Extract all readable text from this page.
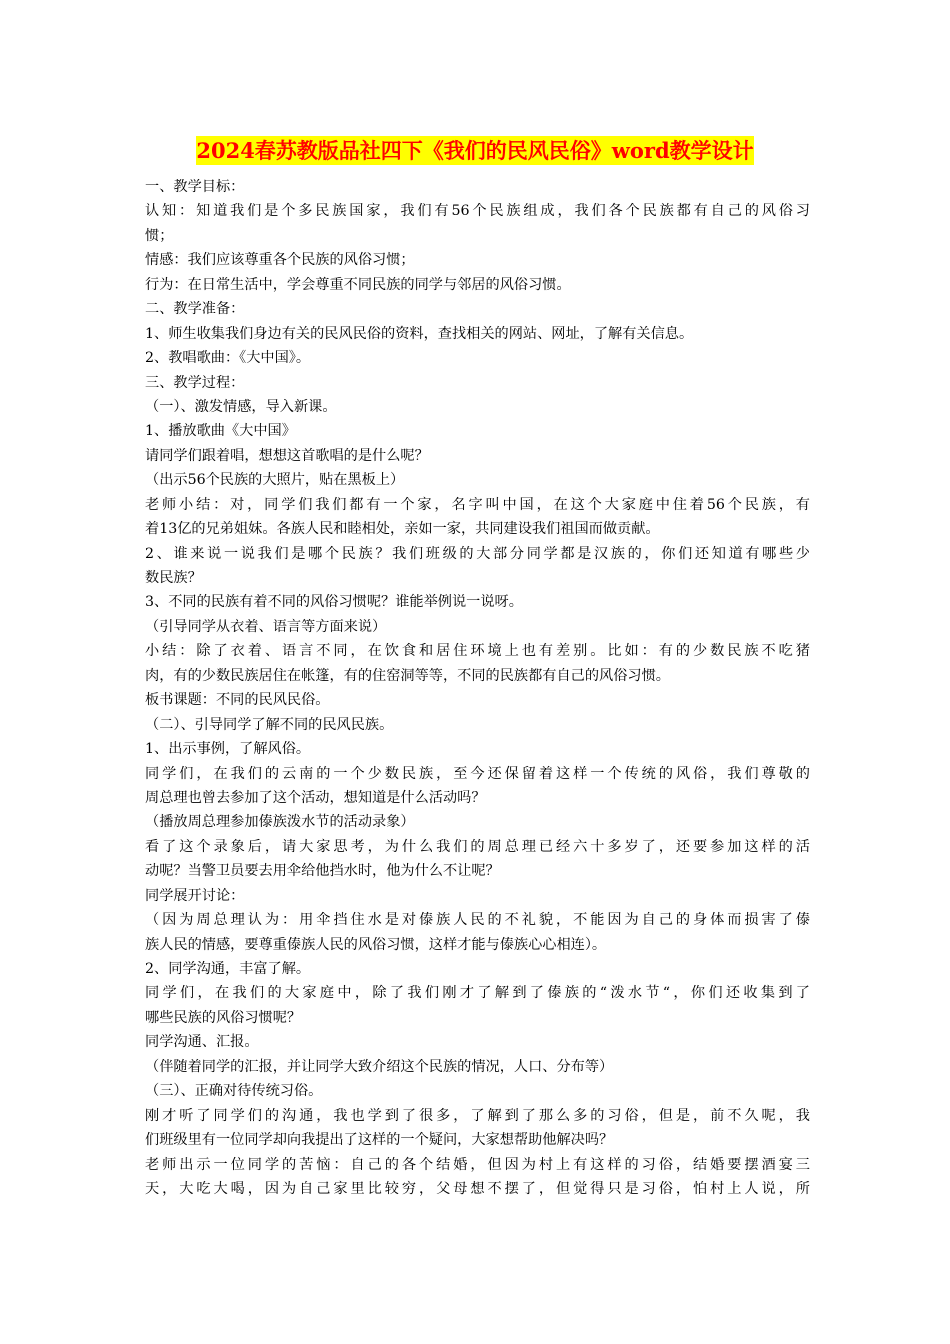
2024春苏教版品社四下《我们的民风民俗》word教学设计

一、教学目标：

认知：知道我们是个多民族国家，我们有56个民族组成，我们各个民族都有自己的风俗习

惯；

情感：我们应该尊重各个民族的风俗习惯；

行为：在日常生活中，学会尊重不同民族的同学与邻居的风俗习惯。

二、教学准备：

1、师生收集我们身边有关的民风民俗的资料，查找相关的网站、网址，了解有关信息。

2、教唱歌曲：《大中国》。

三、教学过程：

（一）、激发情感，导入新课。

1、播放歌曲《大中国》

请同学们跟着唱，想想这首歌唱的是什么呢？

（出示56个民族的大照片，贴在黑板上）

老师小结：对，同学们我们都有一个家，名字叫中国，在这个大家庭中住着56个民族，有

着13亿的兄弟姐妹。各族人民和睦相处，亲如一家，共同建设我们祖国而做贡献。

2、谁来说一说我们是哪个民族？我们班级的大部分同学都是汉族的，你们还知道有哪些少

数民族？

3、不同的民族有着不同的风俗习惯呢？谁能举例说一说呀。

（引导同学从衣着、语言等方面来说）

小结：除了衣着、语言不同，在饮食和居住环境上也有差别。比如：有的少数民族不吃猪

肉，有的少数民族居住在帐篷，有的住窑洞等等，不同的民族都有自己的风俗习惯。

板书课题：不同的民风民俗。

（二）、引导同学了解不同的民风民族。

1、出示事例，了解风俗。

同学们，在我们的云南的一个少数民族，至今还保留着这样一个传统的风俗，我们尊敬的

周总理也曾去参加了这个活动，想知道是什么活动吗？

（播放周总理参加傣族泼水节的活动录象）

看了这个录象后，请大家思考，为什么我们的周总理已经六十多岁了，还要参加这样的活

动呢？当警卫员要去用伞给他挡水时，他为什么不让呢？

同学展开讨论：

（因为周总理认为：用伞挡住水是对傣族人民的不礼貌，不能因为自己的身体而损害了傣

族人民的情感，要尊重傣族人民的风俗习惯，这样才能与傣族心心相连）。

2、同学沟通，丰富了解。

同学们，在我们的大家庭中，除了我们刚才了解到了傣族的“泼水节“，你们还收集到了

哪些民族的风俗习惯呢？

同学沟通、汇报。

（伴随着同学的汇报，并让同学大致介绍这个民族的情况，人口、分布等）

（三）、正确对待传统习俗。

刚才听了同学们的沟通，我也学到了很多，了解到了那么多的习俗，但是，前不久呢，我

们班级里有一位同学却向我提出了这样的一个疑问，大家想帮助他解决吗？

老师出示一位同学的苦恼：自己的各个结婚，但因为村上有这样的习俗，结婚要摆酒宴三

天，大吃大喝，因为自己家里比较穷，父母想不摆了，但觉得只是习俗，怕村上人说，所
